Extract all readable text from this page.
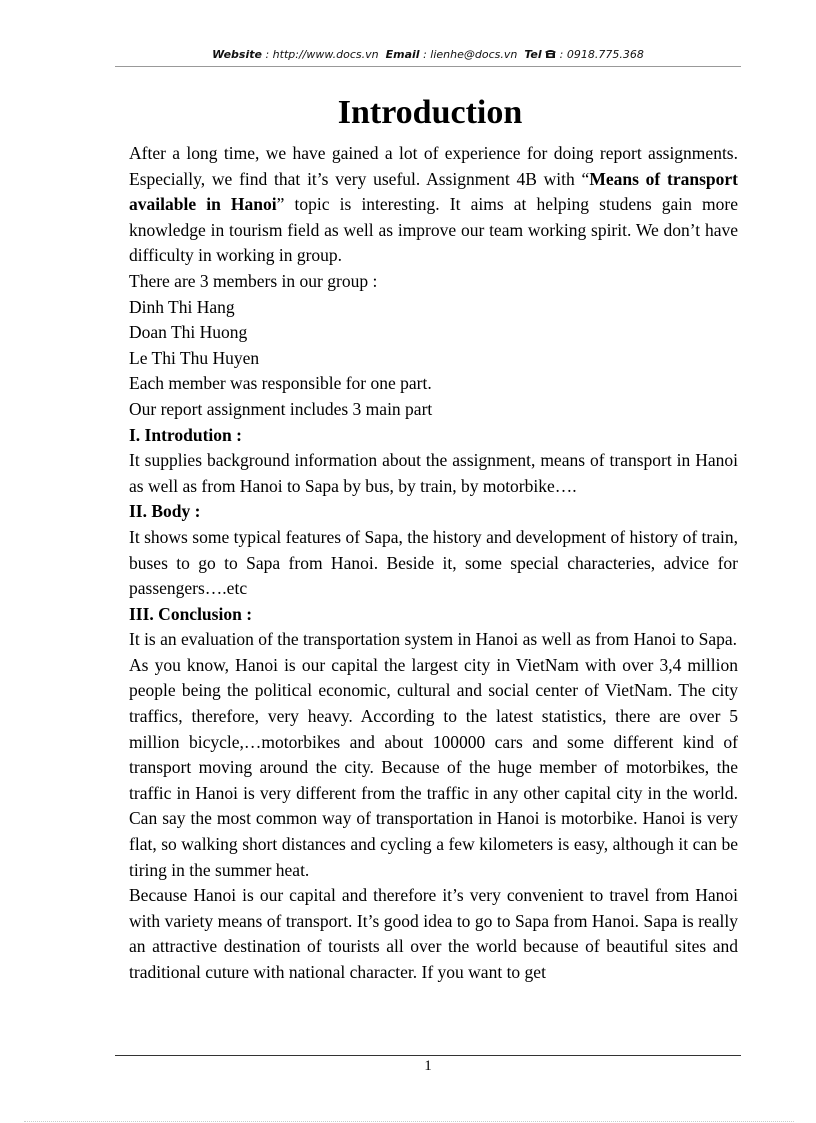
Website : http://www.docs.vn Email : lienhe@docs.vn Tel : 0918.775.368
Introduction

After a long time, we have gained a lot of experience for doing report assignments. Especially, we find that it’s very useful. Assignment 4B with “Means of transport available in Hanoi” topic is interesting. It aims at helping studens gain more knowledge in tourism field as well as improve our team working spirit. We don’t have difficulty in working in group.

There are 3 members in our group :

Dinh Thi Hang

Doan Thi Huong

Le Thi Thu Huyen

Each member was responsible for one part.

Our report assignment includes 3 main part

I. Introdution :

It supplies background information about the assignment, means of transport in Hanoi as well as from Hanoi to Sapa by bus, by train, by motorbike….

II. Body :

It shows some typical features of Sapa, the history and development of history of train, buses to go to Sapa from Hanoi. Beside it, some special characteries, advice for passengers….etc

III. Conclusion :

It is an evaluation of the transportation system in Hanoi as well as from Hanoi to Sapa.

As you know, Hanoi is our capital the largest city in VietNam with over 3,4 million people being the political economic, cultural and social center of VietNam. The city traffics, therefore, very heavy. According to the latest statistics, there are over 5 million bicycle,…motorbikes and about 100000 cars and some different kind of transport moving around the city. Because of the huge member of motorbikes, the traffic in Hanoi is very different from the traffic in any other capital city in the world. Can say the most common way of transportation in Hanoi is motorbike. Hanoi is very flat, so walking short distances and cycling a few kilometers is easy, although it can be tiring in the summer heat.

Because Hanoi is our capital and therefore it’s very convenient to travel from Hanoi with variety means of transport. It’s good idea to go to Sapa from Hanoi. Sapa is really an attractive destination of tourists all over the world because of beautiful sites and traditional cuture with national character. If you want to get

1
